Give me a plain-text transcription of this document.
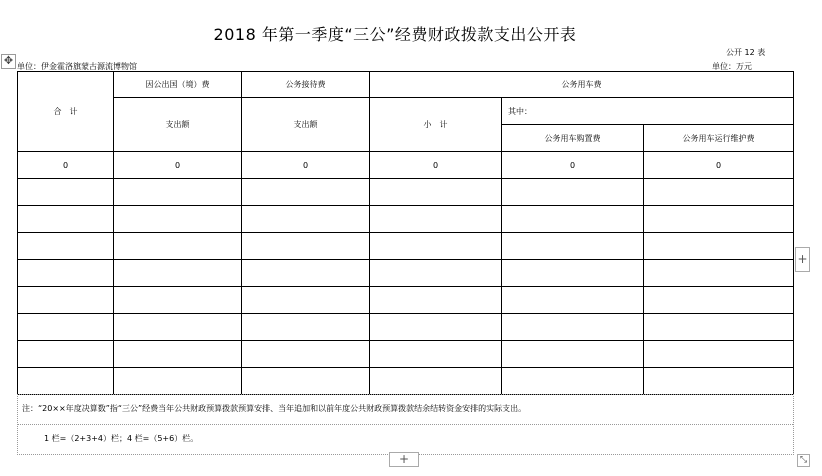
2018 年第一季度“三公”经费财政拨款支出公开表
✥
公开 12 表
单位：伊金霍洛旗蒙古源流博物馆	单位：万元
合　计	因公出国（境）费	公务接待费	公务用车费		
	支出额	支出额	小　计	其中：	
				公务用车购置费	公务用车运行维护费
0	0	0	0	0	0

注：“20××年度决算数”指“三公”经费当年公共财政预算拨款预算安排、当年追加和以前年度公共财政预算拨款结余结转资金安排的实际支出。
1 栏=（2+3+4）栏；4 栏=（5+6）栏。
+
+	⤡
